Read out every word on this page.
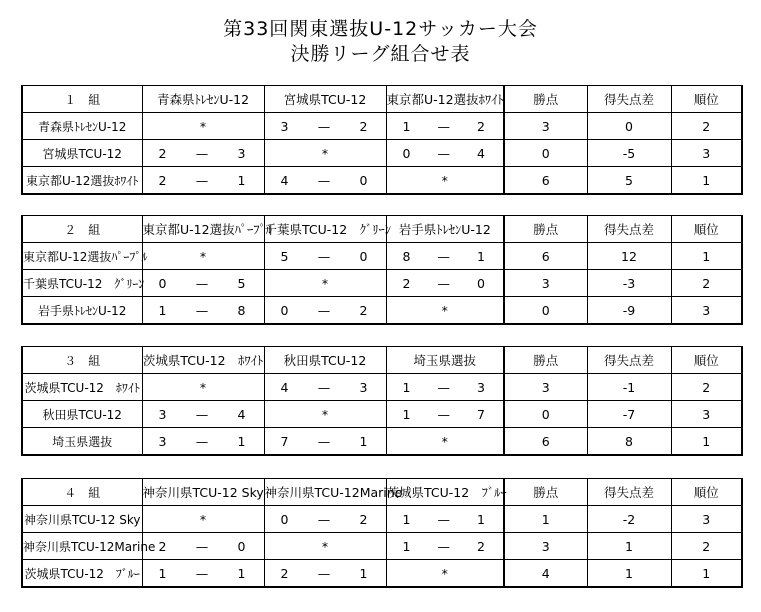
第33回関東選抜U-12サッカー大会
決勝リーグ組合せ表
１　組	青森県ﾄﾚｾﾝU-12	宮城県TCU-12	東京都U-12選抜ﾎﾜｲﾄ	勝点	得失点差	順位
青森県ﾄﾚｾﾝU-12	*	3 — 2	1 — 2	3	0	2
宮城県TCU-12	2 — 3	*	0 — 4	0	-5	3
東京都U-12選抜ﾎﾜｲﾄ	2 — 1	4 — 0	*	6	5	1
２　組	東京都U-12選抜ﾊﾟｰﾌﾟﾙ	千葉県TCU-12　ｸﾞﾘｰﾝ	岩手県ﾄﾚｾﾝU-12	勝点	得失点差	順位
東京都U-12選抜ﾊﾟｰﾌﾟﾙ	*	5 — 0	8 — 1	6	12	1
千葉県TCU-12　ｸﾞﾘｰﾝ	0 — 5	*	2 — 0	3	-3	2
岩手県ﾄﾚｾﾝU-12	1 — 8	0 — 2	*	0	-9	3
３　組	茨城県TCU-12　ﾎﾜｲﾄ	秋田県TCU-12	埼玉県選抜	勝点	得失点差	順位
茨城県TCU-12　ﾎﾜｲﾄ	*	4 — 3	1 — 3	3	-1	2
秋田県TCU-12	3 — 4	*	1 — 7	0	-7	3
埼玉県選抜	3 — 1	7 — 1	*	6	8	1
４　組	神奈川県TCU-12 Sky	神奈川県TCU-12Marine	茨城県TCU-12　ﾌﾞﾙｰ	勝点	得失点差	順位
神奈川県TCU-12 Sky	*	0 — 2	1 — 1	1	-2	3
神奈川県TCU-12Marine	2 — 0	*	1 — 2	3	1	2
茨城県TCU-12　ﾌﾞﾙｰ	1 — 1	2 — 1	*	4	1	1
